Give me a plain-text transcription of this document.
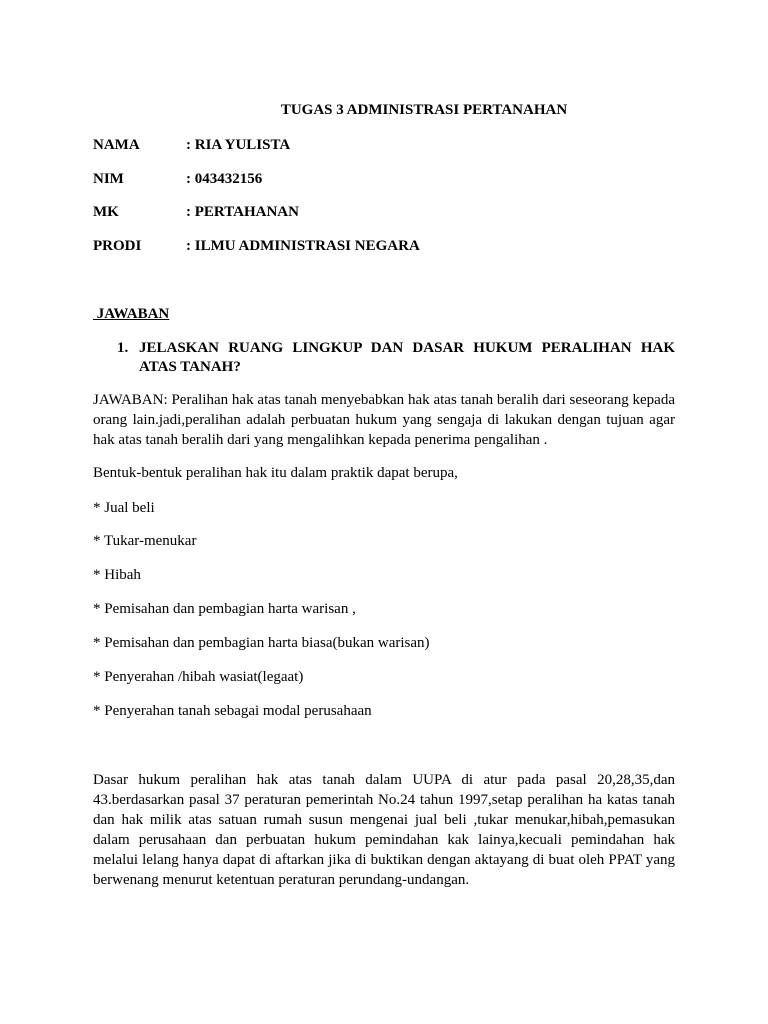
TUGAS 3 ADMINISTRASI PERTANAHAN
NAMA	: RIA YULISTA
NIM	: 043432156
MK	: PERTAHANAN
PRODI	: ILMU ADMINISTRASI NEGARA
JAWABAN
1. JELASKAN RUANG LINGKUP DAN DASAR HUKUM PERALIHAN HAK ATAS TANAH?
JAWABAN: Peralihan hak atas tanah menyebabkan hak atas tanah beralih dari seseorang kepada orang lain.jadi,peralihan adalah perbuatan hukum yang sengaja di lakukan dengan tujuan agar hak atas tanah beralih dari yang mengalihkan kepada penerima pengalihan .
Bentuk-bentuk peralihan hak itu dalam praktik dapat berupa,
* Jual beli
* Tukar-menukar
* Hibah
* Pemisahan dan pembagian harta warisan ,
* Pemisahan dan pembagian harta biasa(bukan warisan)
* Penyerahan /hibah wasiat(legaat)
* Penyerahan tanah sebagai modal perusahaan
Dasar hukum peralihan hak atas tanah dalam UUPA di atur pada pasal 20,28,35,dan 43.berdasarkan pasal 37 peraturan pemerintah No.24 tahun 1997,setap peralihan ha katas tanah dan hak milik atas satuan rumah susun mengenai jual beli ,tukar menukar,hibah,pemasukan dalam perusahaan dan perbuatan hukum pemindahan kak lainya,kecuali pemindahan hak melalui lelang hanya dapat di aftarkan jika di buktikan dengan aktayang di buat oleh PPAT yang berwenang menurut ketentuan peraturan perundang-undangan.
